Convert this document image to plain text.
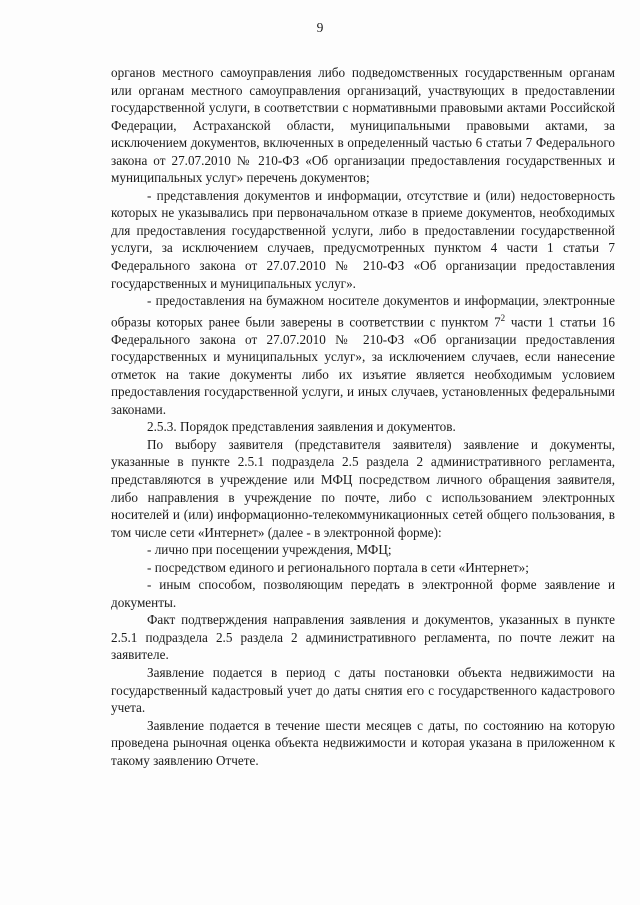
9

органов местного самоуправления либо подведомственных государственным органам или органам местного самоуправления организаций, участвующих в предоставлении государственной услуги, в соответствии с нормативными правовыми актами Российской Федерации, Астраханской области, муниципальными правовыми актами, за исключением документов, включенных в определенный частью 6 статьи 7 Федерального закона от 27.07.2010 № 210-ФЗ «Об организации предоставления государственных и муниципальных услуг» перечень документов;

- представления документов и информации, отсутствие и (или) недостоверность которых не указывались при первоначальном отказе в приеме документов, необходимых для предоставления государственной услуги, либо в предоставлении государственной услуги, за исключением случаев, предусмотренных пунктом 4 части 1 статьи 7 Федерального закона от 27.07.2010 № 210-ФЗ «Об организации предоставления государственных и муниципальных услуг».

- предоставления на бумажном носителе документов и информации, электронные образы которых ранее были заверены в соответствии с пунктом $7^2$ части 1 статьи 16 Федерального закона от 27.07.2010 № 210-ФЗ «Об организации предоставления государственных и муниципальных услуг», за исключением случаев, если нанесение отметок на такие документы либо их изъятие является необходимым условием предоставления государственной услуги, и иных случаев, установленных федеральными законами.

2.5.3. Порядок представления заявления и документов.

По выбору заявителя (представителя заявителя) заявление и документы, указанные в пункте 2.5.1 подраздела 2.5 раздела 2 административного регламента, представляются в учреждение или МФЦ посредством личного обращения заявителя, либо направления в учреждение по почте, либо с использованием электронных носителей и (или) информационно-телекоммуникационных сетей общего пользования, в том числе сети «Интернет» (далее - в электронной форме):

- лично при посещении учреждения, МФЦ;

- посредством единого и регионального портала в сети «Интернет»;

- иным способом, позволяющим передать в электронной форме заявление и документы.

Факт подтверждения направления заявления и документов, указанных в пункте 2.5.1 подраздела 2.5 раздела 2 административного регламента, по почте лежит на заявителе.

Заявление подается в период с даты постановки объекта недвижимости на государственный кадастровый учет до даты снятия его с государственного кадастрового учета.

Заявление подается в течение шести месяцев с даты, по состоянию на которую проведена рыночная оценка объекта недвижимости и которая указана в приложенном к такому заявлению Отчете.
